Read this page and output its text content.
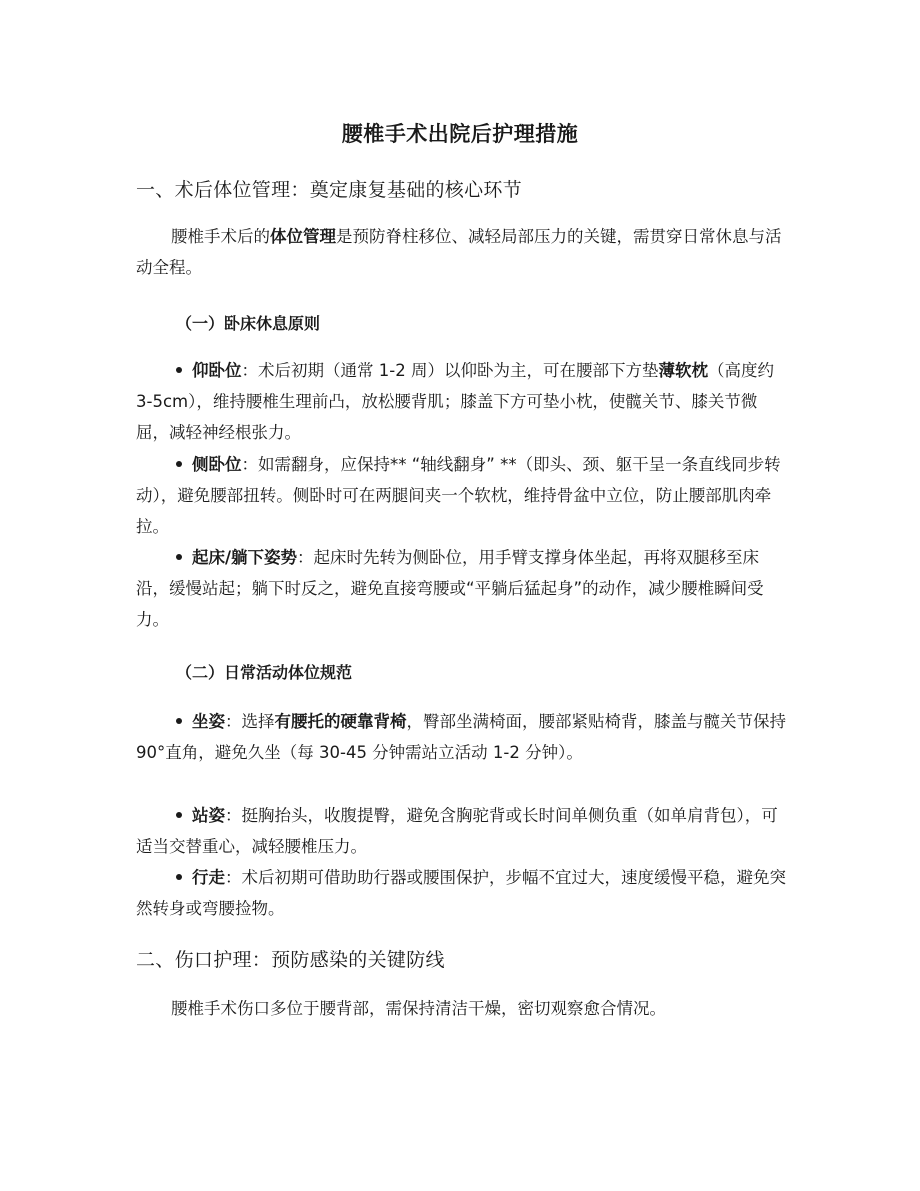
腰椎手术出院后护理措施
一、术后体位管理：奠定康复基础的核心环节
腰椎手术后的体位管理是预防脊柱移位、减轻局部压力的关键，需贯穿日常休息与活动全程。
（一）卧床休息原则
仰卧位：术后初期（通常 1-2 周）以仰卧为主，可在腰部下方垫薄软枕（高度约 3-5cm），维持腰椎生理前凸，放松腰背肌；膝盖下方可垫小枕，使髋关节、膝关节微屈，减轻神经根张力。
侧卧位：如需翻身，应保持** “轴线翻身” **（即头、颈、躯干呈一条直线同步转动），避免腰部扭转。侧卧时可在两腿间夹一个软枕，维持骨盆中立位，防止腰部肌肉牵拉。
起床/躺下姿势：起床时先转为侧卧位，用手臂支撑身体坐起，再将双腿移至床沿，缓慢站起；躺下时反之，避免直接弯腰或“平躺后猛起身”的动作，减少腰椎瞬间受力。
（二）日常活动体位规范
坐姿：选择有腰托的硬靠背椅，臀部坐满椅面，腰部紧贴椅背，膝盖与髋关节保持 90°直角，避免久坐（每 30-45 分钟需站立活动 1-2 分钟）。
站姿：挺胸抬头，收腹提臀，避免含胸驼背或长时间单侧负重（如单肩背包），可适当交替重心，减轻腰椎压力。
行走：术后初期可借助助行器或腰围保护，步幅不宜过大，速度缓慢平稳，避免突然转身或弯腰捡物。
二、伤口护理：预防感染的关键防线
腰椎手术伤口多位于腰背部，需保持清洁干燥，密切观察愈合情况。
